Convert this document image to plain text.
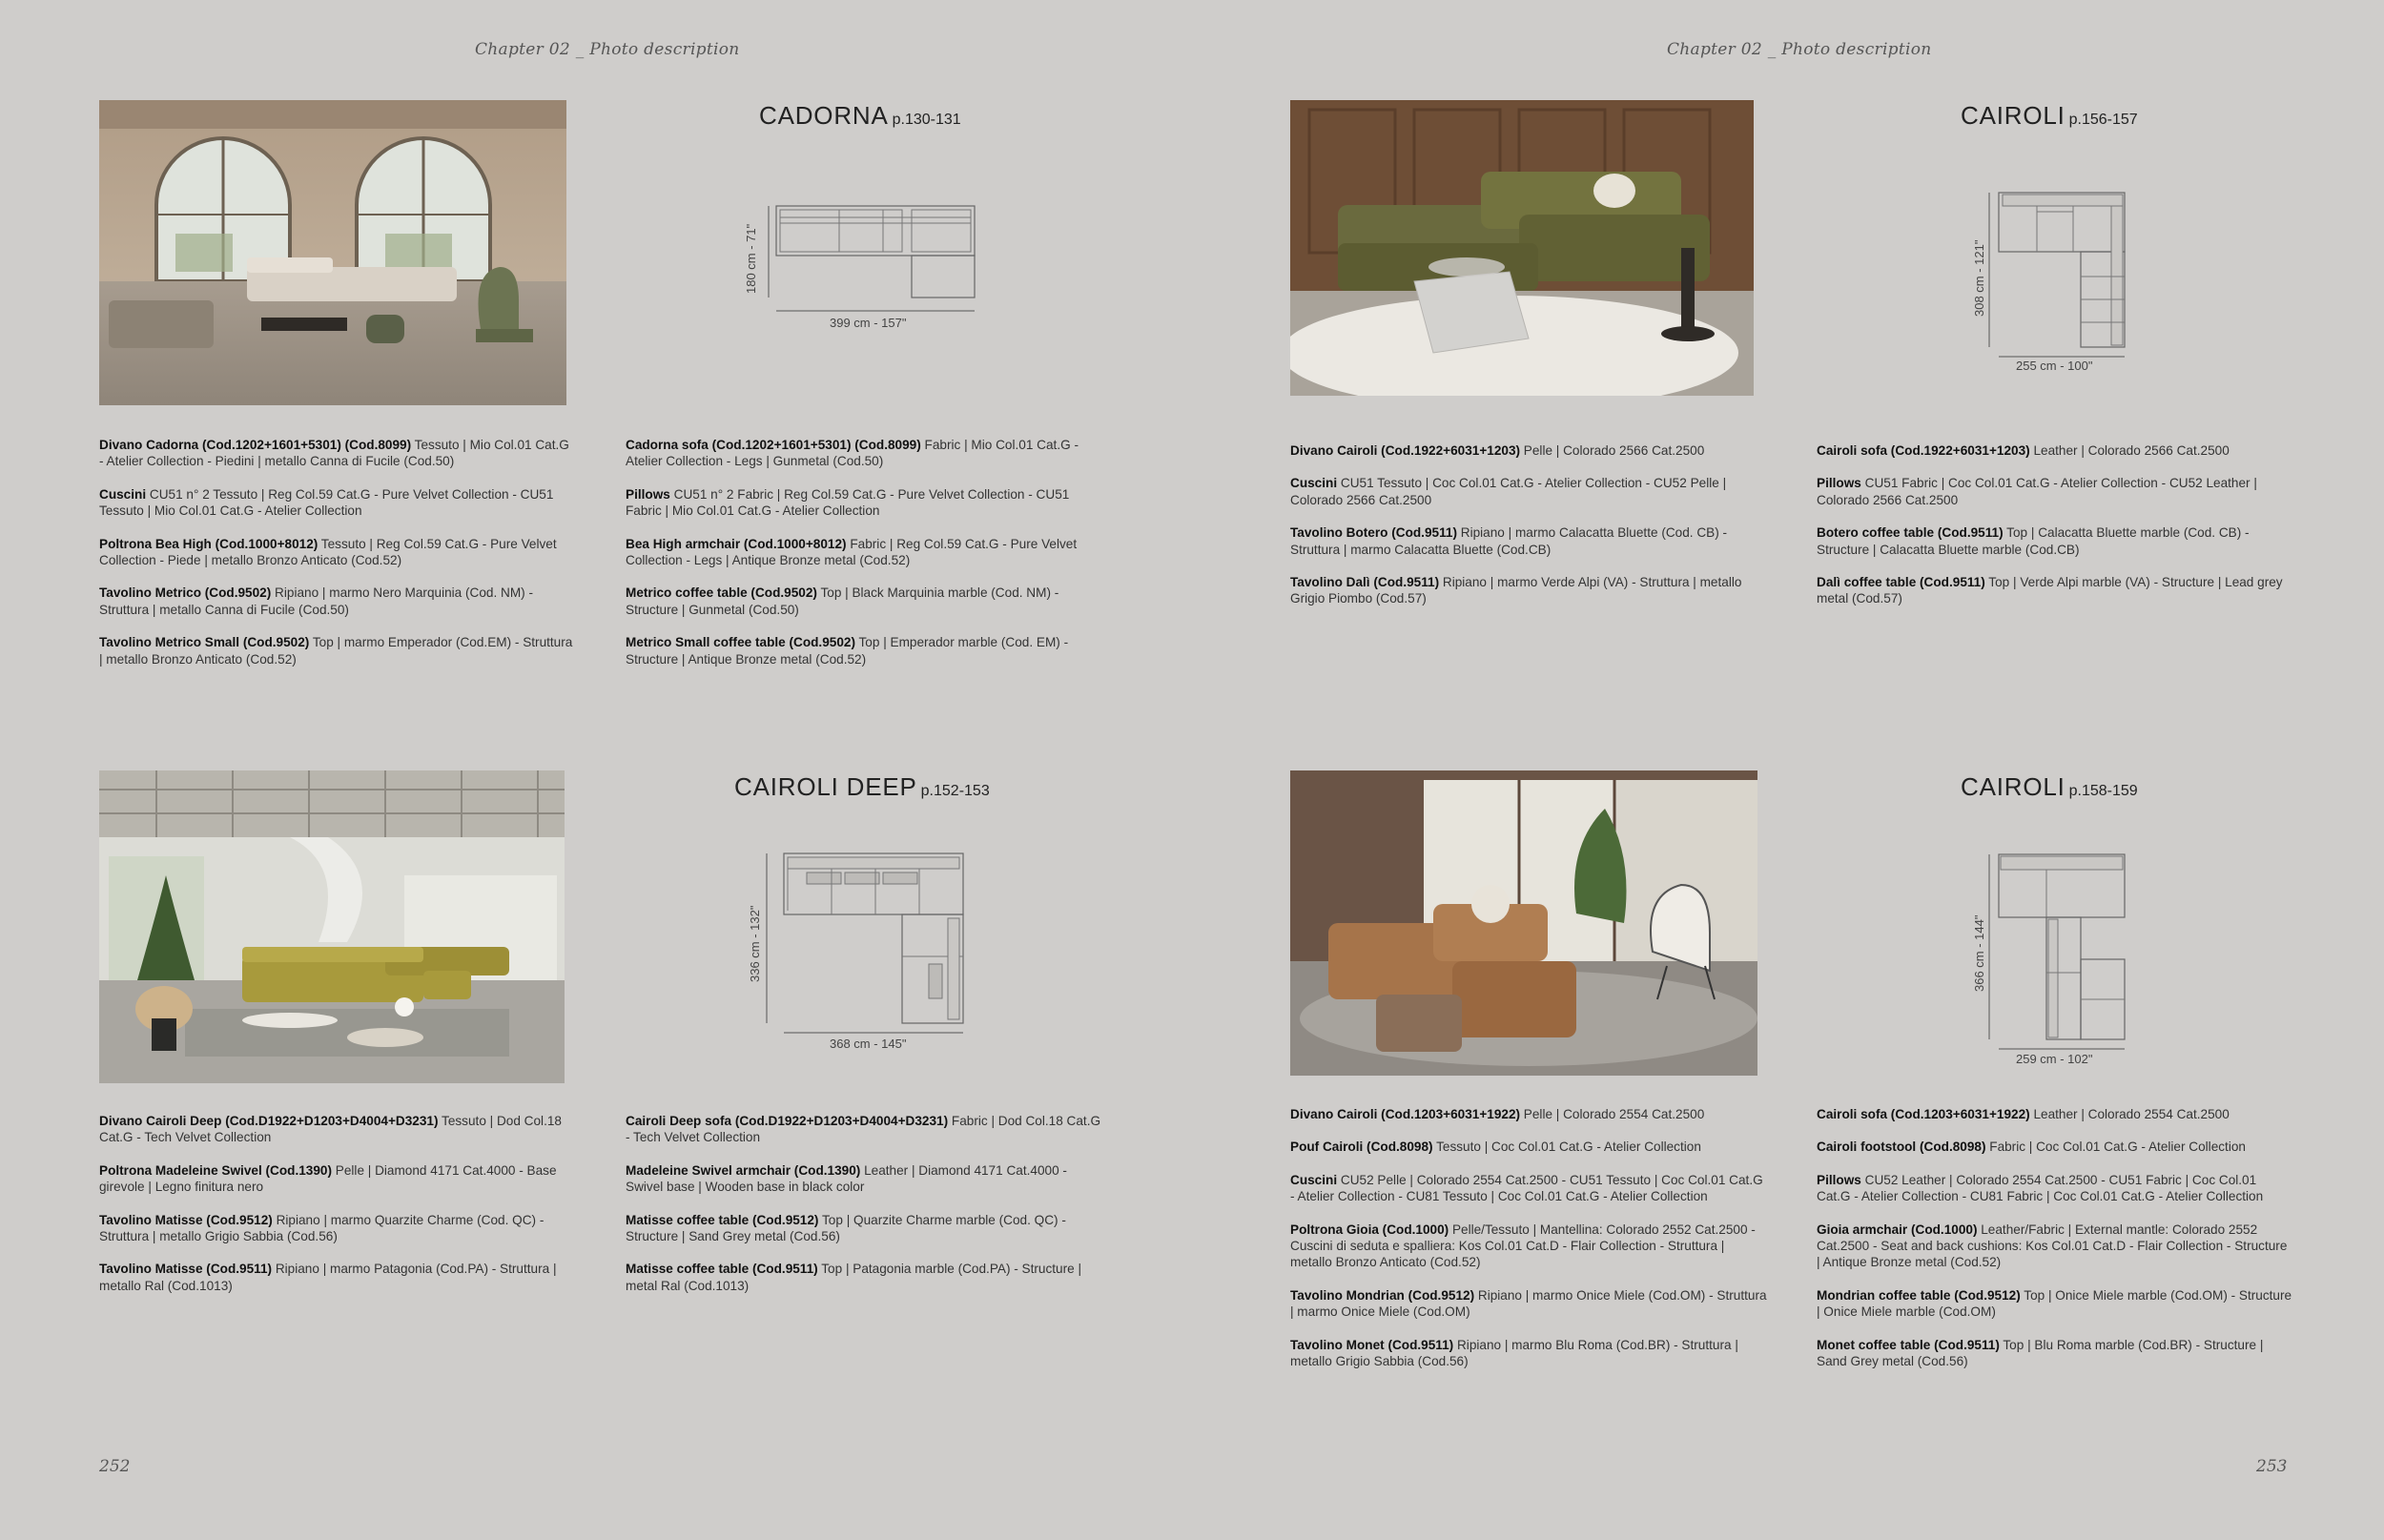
Chapter 02 _ Photo description	Chapter 02 _ Photo description
CADORNA p.130-131
180 cm - 71"
399 cm - 157"

Divano Cadorna (Cod.1202+1601+5301) (Cod.8099) Tessuto | Mio Col.01 Cat.G - Atelier Collection - Piedini | metallo Canna di Fucile (Cod.50)

Cuscini CU51 n° 2 Tessuto | Reg Col.59 Cat.G - Pure Velvet Collection - CU51 Tessuto | Mio Col.01 Cat.G - Atelier Collection

Poltrona Bea High (Cod.1000+8012) Tessuto | Reg Col.59 Cat.G - Pure Velvet Collection - Piede | metallo Bronzo Anticato (Cod.52)

Tavolino Metrico (Cod.9502) Ripiano | marmo Nero Marquinia (Cod. NM) - Struttura | metallo Canna di Fucile (Cod.50)

Tavolino Metrico Small (Cod.9502) Top | marmo Emperador (Cod.EM) - Struttura | metallo Bronzo Anticato (Cod.52)

Cadorna sofa (Cod.1202+1601+5301) (Cod.8099) Fabric | Mio Col.01 Cat.G - Atelier Collection - Legs | Gunmetal (Cod.50)

Pillows CU51 n° 2 Fabric | Reg Col.59 Cat.G - Pure Velvet Collection - CU51 Fabric | Mio Col.01 Cat.G - Atelier Collection

Bea High armchair (Cod.1000+8012) Fabric | Reg Col.59 Cat.G - Pure Velvet Collection - Legs | Antique Bronze metal (Cod.52)

Metrico coffee table (Cod.9502) Top | Black Marquinia marble (Cod. NM) - Structure | Gunmetal (Cod.50)

Metrico Small coffee table (Cod.9502) Top | Emperador marble (Cod. EM) - Structure | Antique Bronze metal (Cod.52)

CAIROLI DEEP p.152-153
336 cm - 132"
368 cm - 145"

Divano Cairoli Deep (Cod.D1922+D1203+D4004+D3231) Tessuto | Dod Col.18 Cat.G - Tech Velvet Collection

Poltrona Madeleine Swivel (Cod.1390) Pelle | Diamond 4171 Cat.4000 - Base girevole | Legno finitura nero

Tavolino Matisse (Cod.9512) Ripiano | marmo Quarzite Charme (Cod. QC) - Struttura | metallo Grigio Sabbia (Cod.56)

Tavolino Matisse (Cod.9511) Ripiano | marmo Patagonia (Cod.PA) - Struttura | metallo Ral (Cod.1013)

Cairoli Deep sofa (Cod.D1922+D1203+D4004+D3231) Fabric | Dod Col.18 Cat.G - Tech Velvet Collection

Madeleine Swivel armchair (Cod.1390) Leather | Diamond 4171 Cat.4000 - Swivel base | Wooden base in black color

Matisse coffee table (Cod.9512) Top | Quarzite Charme marble (Cod. QC) - Structure | Sand Grey metal (Cod.56)

Matisse coffee table (Cod.9511) Top | Patagonia marble (Cod.PA) - Structure | metal Ral (Cod.1013)

CAIROLI p.156-157
308 cm - 121"
255 cm - 100"

Divano Cairoli (Cod.1922+6031+1203) Pelle | Colorado 2566 Cat.2500

Cuscini CU51 Tessuto | Coc Col.01 Cat.G - Atelier Collection - CU52 Pelle | Colorado 2566 Cat.2500

Tavolino Botero (Cod.9511) Ripiano | marmo Calacatta Bluette (Cod. CB) - Struttura | marmo Calacatta Bluette (Cod.CB)

Tavolino Dalì (Cod.9511) Ripiano | marmo Verde Alpi (VA) - Struttura | metallo Grigio Piombo (Cod.57)

Cairoli sofa (Cod.1922+6031+1203) Leather | Colorado 2566 Cat.2500

Pillows CU51 Fabric | Coc Col.01 Cat.G - Atelier Collection - CU52 Leather | Colorado 2566 Cat.2500

Botero coffee table (Cod.9511) Top | Calacatta Bluette marble (Cod. CB) - Structure | Calacatta Bluette marble (Cod.CB)

Dalì coffee table (Cod.9511) Top | Verde Alpi marble (VA) - Structure | Lead grey metal (Cod.57)

CAIROLI p.158-159
366 cm - 144"
259 cm - 102"

Divano Cairoli (Cod.1203+6031+1922) Pelle | Colorado 2554 Cat.2500

Pouf Cairoli (Cod.8098) Tessuto | Coc Col.01 Cat.G - Atelier Collection

Cuscini CU52 Pelle | Colorado 2554 Cat.2500 - CU51 Tessuto | Coc Col.01 Cat.G - Atelier Collection - CU81 Tessuto | Coc Col.01 Cat.G - Atelier Collection

Poltrona Gioia (Cod.1000) Pelle/Tessuto | Mantellina: Colorado 2552 Cat.2500 - Cuscini di seduta e spalliera: Kos Col.01 Cat.D - Flair Collection - Struttura | metallo Bronzo Anticato (Cod.52)

Tavolino Mondrian (Cod.9512) Ripiano | marmo Onice Miele (Cod.OM) - Struttura | marmo Onice Miele (Cod.OM)

Tavolino Monet (Cod.9511) Ripiano | marmo Blu Roma (Cod.BR) - Struttura | metallo Grigio Sabbia (Cod.56)

Cairoli sofa (Cod.1203+6031+1922) Leather | Colorado 2554 Cat.2500

Cairoli footstool (Cod.8098) Fabric | Coc Col.01 Cat.G - Atelier Collection

Pillows CU52 Leather | Colorado 2554 Cat.2500 - CU51 Fabric | Coc Col.01 Cat.G - Atelier Collection - CU81 Fabric | Coc Col.01 Cat.G - Atelier Collection

Gioia armchair (Cod.1000) Leather/Fabric | External mantle: Colorado 2552 Cat.2500 - Seat and back cushions: Kos Col.01 Cat.D - Flair Collection - Structure | Antique Bronze metal (Cod.52)

Mondrian coffee table (Cod.9512) Top | Onice Miele marble (Cod.OM) - Structure | Onice Miele marble (Cod.OM)

Monet coffee table (Cod.9511) Top | Blu Roma marble (Cod.BR) - Structure | Sand Grey metal (Cod.56)

252	253
